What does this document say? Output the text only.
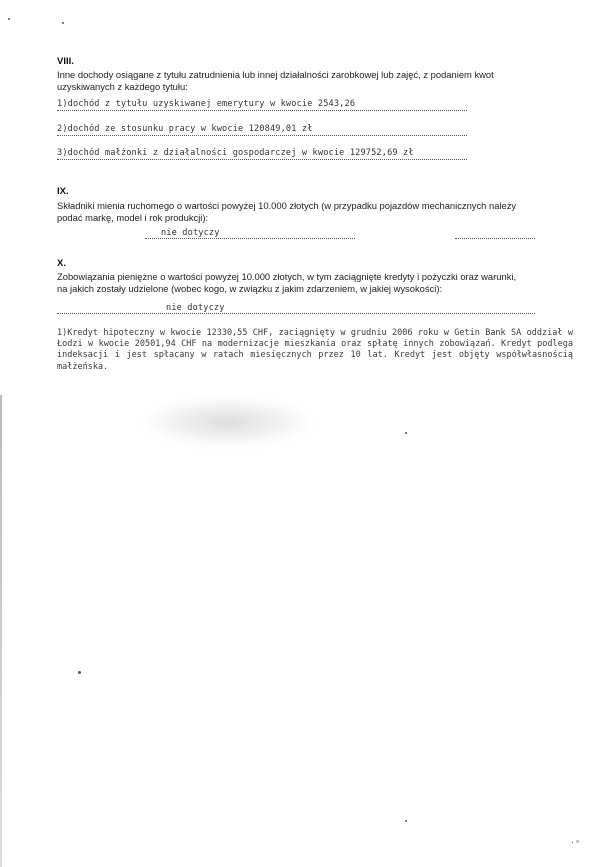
VIII.
Inne dochody osiągane z tytułu zatrudnienia lub innej działalności zarobkowej lub zajęć, z podaniem kwot
uzyskiwanych z każdego tytułu:
1)dochód z tytułu uzyskiwanej emerytury w kwocie 2543,26
2)dochód ze stosunku pracy w kwocie 120849,01 zł
3)dochód małżonki z działalności gospodarczej w kwocie 129752,69 zł
IX.
Składniki mienia ruchomego o wartości powyżej 10.000 złotych (w przypadku pojazdów mechanicznych należy
podać markę, model i rok produkcji):
nie dotyczy
X.
Zobowiązania pieniężne o wartości powyżej 10.000 złotych, w tym zaciągnięte kredyty i pożyczki oraz warunki,
na jakich zostały udzielone (wobec kogo, w związku z jakim zdarzeniem, w jakiej wysokości):
nie dotyczy
1)Kredyt hipoteczny w kwocie 12330,55 CHF, zaciągnięty w grudniu 2006 roku w Getin Bank SA oddział w Łodzi w kwocie 20501,94 CHF na modernizacje mieszkania oraz spłatę innych zobowiązań. Kredyt podlega indeksacji i jest spłacany w ratach miesięcznych przez 10 lat. Kredyt jest objęty współwłasnością małżeńska.
·ᵃ
